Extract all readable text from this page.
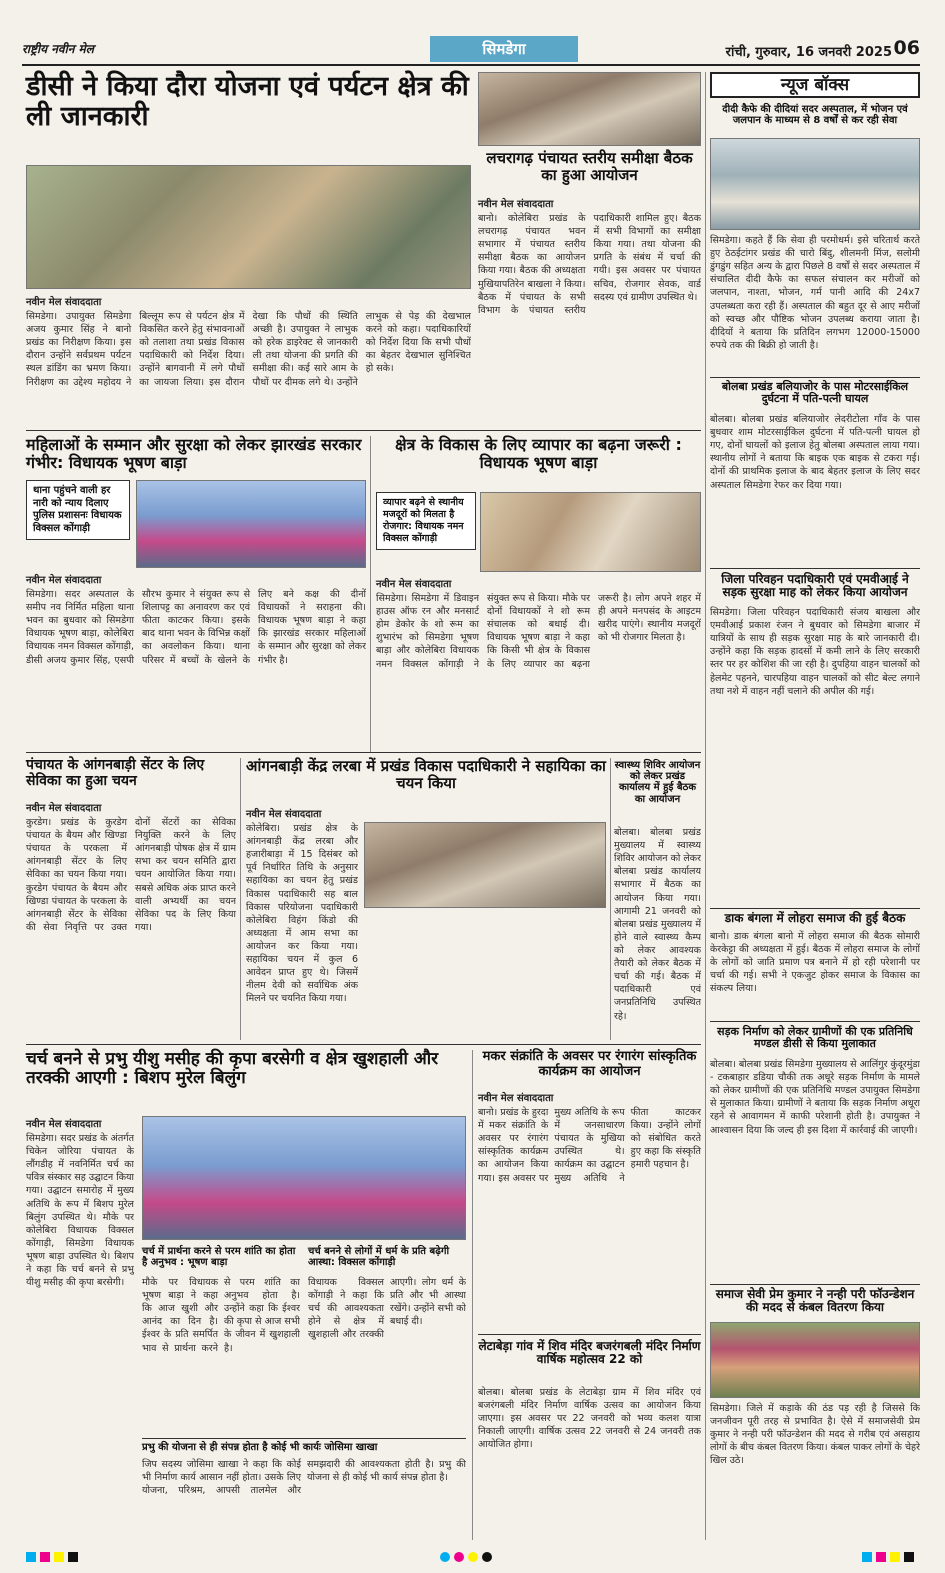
राष्ट्रीय नवीन मेल	सिमडेगा	रांची, गुरुवार, 16 जनवरी 2025 06
डीसी ने किया दौरा योजना एवं पर्यटन क्षेत्र की ली जानकारी
नवीन मेल संवाददाता
सिमडेगा। उपायुक्त सिमडेगा अजय कुमार सिंह ने बानो प्रखंड का निरीक्षण किया। इस दौरान उन्होंने सर्वप्रथम पर्यटन स्थल डांडिंग का भ्रमण किया। निरीक्षण का उद्देश्य महोदय ने बिल्लूम रूप से पर्यटन क्षेत्र में विकसित करने हेतु संभावनाओं को तलाशा तथा प्रखंड विकास पदाधिकारी को निर्देश दिया। उन्होंने बागवानी में लगे पौधों का जायजा लिया। इस दौरान देखा कि पौधों की स्थिति अच्छी है। उपायुक्त ने लाभुक को हरेक डाइरेक्ट से जानकारी ली तथा योजना की प्रगति की समीक्षा की। कई सारे आम के पौधों पर दीमक लगे थे। उन्होंने लाभुक से पेड़ की देखभाल करने को कहा। पदाधिकारियों को निर्देश दिया कि सभी पौधों का बेहतर देखभाल सुनिश्चित हो सके।
लचरागढ़ पंचायत स्तरीय समीक्षा बैठक का हुआ आयोजन
नवीन मेल संवाददाता
बानो। कोलेबिरा प्रखंड के लचरागढ़ पंचायत भवन सभागार में पंचायत स्तरीय समीक्षा बैठक का आयोजन किया गया। बैठक की अध्यक्षता मुखियापतिरेन बाखला ने किया। बैठक में पंचायत के सभी विभाग के पंचायत स्तरीय पदाधिकारी शामिल हुए। बैठक में सभी विभागों का समीक्षा किया गया। तथा योजना की प्रगति के संबंध में चर्चा की गयी। इस अवसर पर पंचायत सचिव, रोजगार सेवक, वार्ड सदस्य एवं ग्रामीण उपस्थित थे।
न्यूज बॉक्स
दीदी कैफे की दीदियां सदर अस्पताल, में भोजन एवं जलपान के माध्यम से 8 वर्षों से कर रही सेवा
सिमडेगा। कहते हैं कि सेवा ही परमोधर्म। इसे चरितार्थ करते हुए ठेठईटांगर प्रखंड की चारो बिंदु, शीलमनी मिंज, सलोमी डुंगडुंग सहित अन्य के द्वारा पिछले 8 वर्षों से सदर अस्पताल में संचालित दीदी कैफे का सफल संचालन कर मरीजों को जलपान, नाश्ता, भोजन, गर्म पानी आदि की 24x7 उपलब्धता करा रही हैं। अस्पताल की बहुत दूर से आए मरीजों को स्वच्छ और पौष्टिक भोजन उपलब्ध कराया जाता है। दीदियों ने बताया कि प्रतिदिन लगभग 12000-15000 रुपये तक की बिक्री हो जाती है।
बोलबा प्रखंड बलियाजोर के पास मोटरसाईकिल दुर्घटना में पति-पत्नी घायल
बोलबा। बोलबा प्रखंड बलियाजोर लेदरीटोला गाँव के पास बुधवार शाम मोटरसाईकिल दुर्घटना में पति-पत्नी घायल हो गए, दोनों घायलों को इलाज हेतु बोलबा अस्पताल लाया गया। स्थानीय लोगों ने बताया कि बाइक एक बाइक से टकरा गई। दोनों की प्राथमिक इलाज के बाद बेहतर इलाज के लिए सदर अस्पताल सिमडेगा रेफर कर दिया गया।
जिला परिवहन पदाधिकारी एवं एमवीआई ने सड़क सुरक्षा माह को लेकर किया आयोजन
सिमडेगा। जिला परिवहन पदाधिकारी संजय बाखला और एमवीआई प्रकाश रंजन ने बुधवार को सिमडेगा बाजार में यात्रियों के साथ ही सड़क सुरक्षा माह के बारे जानकारी दी। उन्होंने कहा कि सड़क हादसों में कमी लाने के लिए सरकारी स्तर पर हर कोशिश की जा रही है। दुपहिया वाहन चालकों को हेलमेट पहनने, चारपहिया वाहन चालकों को सीट बेल्ट लगाने तथा नशे में वाहन नहीं चलाने की अपील की गई।
डाक बंगला में लोहरा समाज की हुई बैठक
बानो। डाक बंगला बानो में लोहरा समाज की बैठक सोमारी केरकेट्टा की अध्यक्षता में हुई। बैठक में लोहरा समाज के लोगों के लोगों को जाति प्रमाण पत्र बनाने में हो रही परेशानी पर चर्चा की गई। सभी ने एकजुट होकर समाज के विकास का संकल्प लिया।
सड़क निर्माण को लेकर ग्रामीणों की एक प्रतिनिधि मण्डल डीसी से किया मुलाकात
बोलबा। बोलबा प्रखंड सिमडेगा मुख्यालय से आलिंगुर कुंदूरमुंडा - टकबाहार डडिया चौकी तक अधूरे सड़क निर्माण के मामले को लेकर ग्रामीणों की एक प्रतिनिधि मण्डल उपायुक्त सिमडेगा से मुलाकात किया। ग्रामीणों ने बताया कि सड़क निर्माण अधूरा रहने से आवागमन में काफी परेशानी होती है। उपायुक्त ने आश्वासन दिया कि जल्द ही इस दिशा में कार्रवाई की जाएगी।
समाज सेवी प्रेम कुमार ने नन्ही परी फॉउन्डेशन की मदद से कंबल वितरण किया
सिमडेगा। जिले में कड़ाके की ठंड पड़ रही है जिससे कि जनजीवन पूरी तरह से प्रभावित है। ऐसे में समाजसेवी प्रेम कुमार ने नन्ही परी फॉउन्डेशन की मदद से गरीब एवं असहाय लोगों के बीच कंबल वितरण किया। कंबल पाकर लोगों के चेहरे खिल उठे।
महिलाओं के सम्मान और सुरक्षा को लेकर झारखंड सरकार गंभीर: विधायक भूषण बाड़ा
थाना पहुंचने वाली हर नारी को न्याय दिलाए पुलिस प्रशासनः विधायक विक्सल कोंगाड़ी
नवीन मेल संवाददाता
सिमडेगा। सदर अस्पताल के समीप नव निर्मित महिला थाना भवन का बुधवार को सिमडेगा विधायक भूषण बाड़ा, कोलेबिरा विधायक नमन विक्सल कोंगाड़ी, डीसी अजय कुमार सिंह, एसपी सौरभ कुमार ने संयुक्त रूप से शिलापट्ट का अनावरण कर एवं फीता काटकर किया। इसके बाद थाना भवन के विभिन्न कक्षों का अवलोकन किया। थाना परिसर में बच्चों के खेलने के लिए बने कक्ष की दीनों विधायकों ने सराहना की। विधायक भूषण बाड़ा ने कहा कि झारखंड सरकार महिलाओं के सम्मान और सुरक्षा को लेकर गंभीर है।
क्षेत्र के विकास के लिए व्यापार का बढ़ना जरूरी : विधायक भूषण बाड़ा
व्यापार बढ़ने से स्थानीय मजदूरों को मिलता है रोजगार: विधायक नमन विक्सल कोंगाड़ी
नवीन मेल संवाददाता
सिमडेगा। सिमडेगा में डिवाइन हाउस ऑफ रन और मनसार्ट होम डेकोर के शो रूम का शुभारंभ को सिमडेगा भूषण बाड़ा और कोलेबिरा विधायक नमन विक्सल कोंगाड़ी ने संयुक्त रूप से किया। मौके पर दोनों विधायकों ने शो रूम संचालक को बधाई दी। विधायक भूषण बाड़ा ने कहा कि किसी भी क्षेत्र के विकास के लिए व्यापार का बढ़ना जरूरी है। लोग अपने शहर में ही अपने मनपसंद के आइटम खरीद पाएंगे। स्थानीय मजदूरों को भी रोजगार मिलता है।
पंचायत के आंगनबाड़ी सेंटर के लिए सेविका का हुआ चयन
नवीन मेल संवाददाता
कुरडेग। प्रखंड के कुरडेग पंचायत के बैयम और खिण्डा पंचायत के परकला में आंगनबाड़ी सेंटर के लिए सेविका का चयन किया गया। कुरडेग पंचायत के बैयम और खिण्डा पंचायत के परकला के आंगनबाड़ी सेंटर के सेविका की सेवा निवृत्ति पर उक्त दोनों सेंटरों का सेविका नियुक्ति करने के लिए आंगनबाड़ी पोषक क्षेत्र में ग्राम सभा कर चयन समिति द्वारा चयन आयोजित किया गया। सबसे अधिक अंक प्राप्त करने वाली अभ्यर्थी का चयन सेविका पद के लिए किया गया।
आंगनबाड़ी केंद्र लरबा में प्रखंड विकास पदाधिकारी ने सहायिका का चयन किया
नवीन मेल संवाददाता
कोलेबिरा। प्रखंड क्षेत्र के आंगनबाड़ी केंद्र लरबा और हजारीबाड़ा में 15 दिसंबर को पूर्व निर्धारित तिथि के अनुसार सहायिका का चयन हेतु प्रखंड विकास पदाधिकारी सह बाल विकास परियोजना पदाधिकारी कोलेबिरा विहंग किंडो की अध्यक्षता में आम सभा का आयोजन कर किया गया। सहायिका चयन में कुल 6 आवेदन प्राप्त हुए थे। जिसमें नीलम देवी को सर्वाधिक अंक मिलने पर चयनित किया गया।
स्वास्थ्य शिविर आयोजन को लेकर प्रखंड कार्यालय में हुई बैठक का आयोजन
बोलबा। बोलबा प्रखंड मुख्यालय में स्वास्थ्य शिविर आयोजन को लेकर बोलबा प्रखंड कार्यालय सभागार में बैठक का आयोजन किया गया। आगामी 21 जनवरी को बोलबा प्रखंड मुख्यालय में होने वाले स्वास्थ्य कैम्प को लेकर आवश्यक तैयारी को लेकर बैठक में चर्चा की गई। बैठक में पदाधिकारी एवं जनप्रतिनिधि उपस्थित रहे।
चर्च बनने से प्रभु यीशु मसीह की कृपा बरसेगी व क्षेत्र खुशहाली और तरक्की आएगी : बिशप मुरेल बिलुंग
नवीन मेल संवाददाता
सिमडेगा। सदर प्रखंड के अंतर्गत चिकेन जोरिया पंचायत के लौंगडीह में नवनिर्मित चर्च का पवित्र संस्कार सह उद्घाटन किया गया। उद्घाटन समारोह में मुख्य अतिथि के रूप में बिशप मुरेल बिलुंग उपस्थित थे। मौके पर कोलेबिरा विधायक विक्सल कोंगाड़ी, सिमडेगा विधायक भूषण बाड़ा उपस्थित थे। बिशप ने कहा कि चर्च बनने से प्रभु यीशु मसीह की कृपा बरसेगी।
चर्च में प्रार्थना करने से परम शांति का होता है अनुभव : भूषण बाड़ा
मौके पर विधायक भूषण बाड़ा ने कहा कि आज खुशी और आनंद का दिन है। ईश्वर के प्रति समर्पित भाव से प्रार्थना करने से परम शांति का अनुभव होता है। उन्होंने कहा कि ईश्वर की कृपा से आज सभी के जीवन में खुशहाली है।
चर्च बनने से लोगों में धर्म के प्रति बढ़ेगी आस्था: विक्सल कोंगाड़ी
विधायक विक्सल कोंगाड़ी ने कहा कि चर्च की आवश्यकता होने से क्षेत्र में खुशहाली और तरक्की आएगी। लोग धर्म के प्रति और भी आस्था रखेंगे। उन्होंने सभी को बधाई दी।
प्रभु की योजना से ही संपन्न होता है कोई भी कार्यः जोसिमा खाखा
जिप सदस्य जोसिमा खाखा ने कहा कि कोई भी निर्माण कार्य आसान नहीं होता। उसके लिए योजना, परिश्रम, आपसी तालमेल और समझदारी की आवश्यकता होती है। प्रभु की योजना से ही कोई भी कार्य संपन्न होता है।
मकर संक्रांति के अवसर पर रंगारंग सांस्कृतिक कार्यक्रम का आयोजन
नवीन मेल संवाददाता
बानो। प्रखंड के हुरदा में मकर संक्रांति के अवसर पर रंगारंग सांस्कृतिक कार्यक्रम का आयोजन किया गया। इस अवसर पर मुख्य अतिथि के रूप में जनसाधारण पंचायत के मुखिया उपस्थित थे। कार्यक्रम का उद्घाटन मुख्य अतिथि ने फीता काटकर किया। उन्होंने लोगों को संबोधित करते हुए कहा कि संस्कृति हमारी पहचान है।
लेटाबेड़ा गांव में शिव मंदिर बजरंगबली मंदिर निर्माण वार्षिक महोत्सव 22 को
बोलबा। बोलबा प्रखंड के लेटाबेड़ा ग्राम में शिव मंदिर एवं बजरंगबली मंदिर निर्माण वार्षिक उत्सव का आयोजन किया जाएगा। इस अवसर पर 22 जनवरी को भव्य कलश यात्रा निकाली जाएगी। वार्षिक उत्सव 22 जनवरी से 24 जनवरी तक आयोजित होगा।
